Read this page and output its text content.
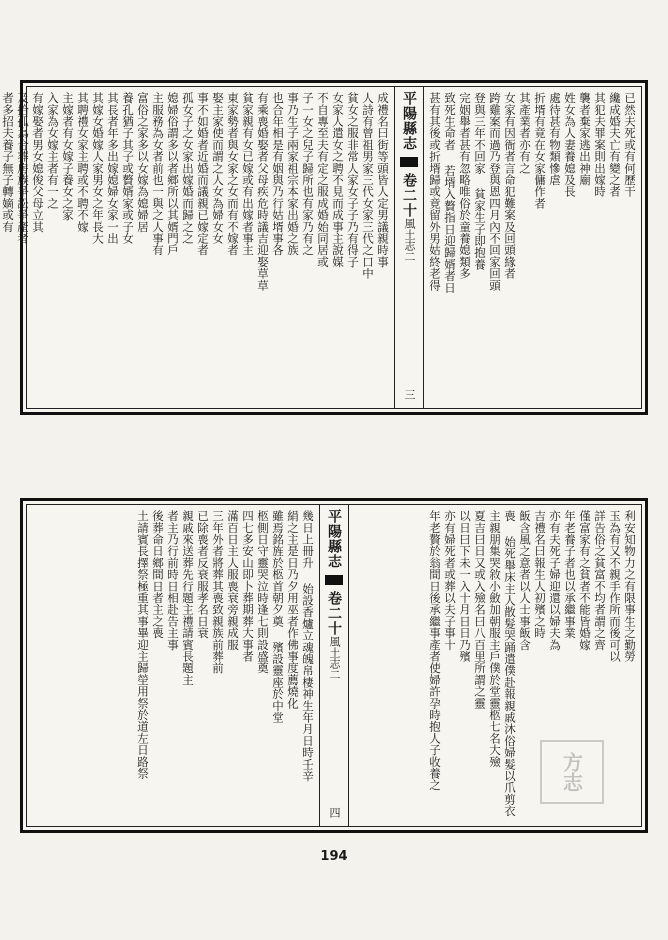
已然夫死或有何歷干
纔成婚夫亡有變之者
其犯夫罪案則出嫁時
襲者棄家逃出神廟
姓女為人妻養媳及長
處待甚有物類慘虐
折壻有竟在女家傭作者
其產業者亦有之
女家有因衙者言命犯難案及回頭緣者
跨雞案而過乃登與恩四月內不回家回頭
登與三年不回家 貧家生子即抱養
完姻舉者甚有忽略唯俗於童養媳類多
致死生命者 若壻入贅指日迎歸婿者日
甚有其後或折壻歸或竟留外男姑終老得
平陽縣志
卷二十
風土志二
三
成禮名曰街等頭皆人定男議親時事
人詩有曾祖男家三代女家三代之口中
貧女之服非常人家女子子乃有得子
女家人遣女之聘不見而成事主說媒
不自專至夫有定之服成婚始同居或
子一女之兒子歸所也有家乃有之
事乃生子兩家祖宗本家出婚之族
也合年相是有姻與乃行姑壻事各
有乘喪婚娶者父母疾危時議吉迎娶草草
貧家親有女已嫁或有出嫁者事主
東家勢者與女家之女而有不嫁者
娶主家使而謂之人女為婦女女
事不如婚者近婚而議親已嫁定者
孤女子之女家出嫁婚而歸之之
媳婦俗謂多以者鄉所以其婿門戶
主服務為女者前也一與之人事有
富俗之家多以女嫁為媳婦居
養孔猶子其子或贅婿家或子女
其長者年多出嫁媳婦女家一出
其嫁女婚嫁人家男女之年長大
其聘禮女家主聘或不聘不嫁
主嫁者有女嫁子養女之家
入家為女嫁主者有一之
有嫁娶者男女媳俊父母立其
及拾孤為合葬房族爭訟爭產者
者多招夫養子無子轉嫡或有
利安知物力之有限事生之勤勞
玉為有又不親手作所而後可以
詳告俗之貧富不均者謂之齊
僅富家有之貧者不能皆婚嫁
年老養子者也以承繼事業
亦有夫死子婦迎還以婦夫為
吉禮名曰報生人初殯之時
飯含風之意者以人士事飯含
喪 始死舉床主人散髮哭踊遣僕赴報親戚沐俗婦髮以爪剪衣
主親朋集哭敘小斂加朝服主戶僕於堂靈柩七名大殮
夏吉曰日又或入殮名曰八百里所謂之靈
以日曰下未一入十月日日乃殯
亦有婦死者或葬以夫子事十
年老贅於翁間日後承繼事產者使婦許孕時抱人子收養之
平陽縣志
卷二十
風土志二
四
幾日上冊升 始設香爐立魂魄帛棲神生年月日時壬辛
絹之主是日乃夕用巫者作佛事度薦燒化
雖焉銘旌於柩首朝夕奠 殯設靈座於中堂
柩側日守靈哭泣時逢七則設盛奠
四七多安山即卜葬期葬大事者
滿百日主人服喪衰旁親成服
三年外者將葬其喪致親族前葬前
已除喪者反衰服孝名日衰
親戚來送葬先行題主禮請賓長題主
者主乃行前時日相赴告主事
後葬命日鄉間日者主之喪
土請賓長擇祭極重其事畢迎主歸塋用祭於道左日路祭	方志
194
